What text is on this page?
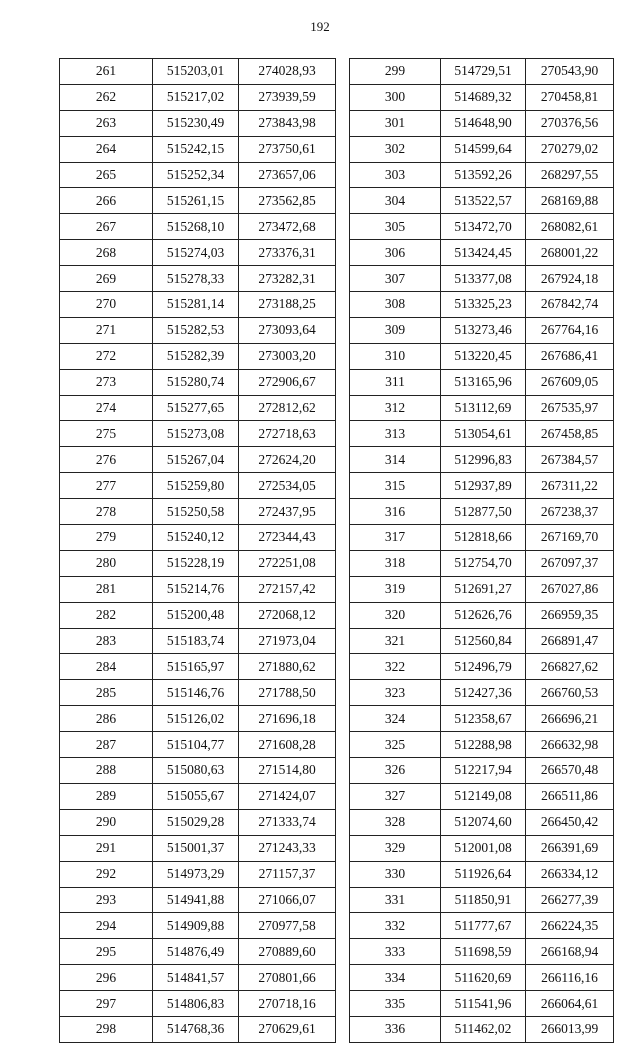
192
261	515203,01	274028,93
262	515217,02	273939,59
263	515230,49	273843,98
264	515242,15	273750,61
265	515252,34	273657,06
266	515261,15	273562,85
267	515268,10	273472,68
268	515274,03	273376,31
269	515278,33	273282,31
270	515281,14	273188,25
271	515282,53	273093,64
272	515282,39	273003,20
273	515280,74	272906,67
274	515277,65	272812,62
275	515273,08	272718,63
276	515267,04	272624,20
277	515259,80	272534,05
278	515250,58	272437,95
279	515240,12	272344,43
280	515228,19	272251,08
281	515214,76	272157,42
282	515200,48	272068,12
283	515183,74	271973,04
284	515165,97	271880,62
285	515146,76	271788,50
286	515126,02	271696,18
287	515104,77	271608,28
288	515080,63	271514,80
289	515055,67	271424,07
290	515029,28	271333,74
291	515001,37	271243,33
292	514973,29	271157,37
293	514941,88	271066,07
294	514909,88	270977,58
295	514876,49	270889,60
296	514841,57	270801,66
297	514806,83	270718,16
298	514768,36	270629,61
299	514729,51	270543,90
300	514689,32	270458,81
301	514648,90	270376,56
302	514599,64	270279,02
303	513592,26	268297,55
304	513522,57	268169,88
305	513472,70	268082,61
306	513424,45	268001,22
307	513377,08	267924,18
308	513325,23	267842,74
309	513273,46	267764,16
310	513220,45	267686,41
311	513165,96	267609,05
312	513112,69	267535,97
313	513054,61	267458,85
314	512996,83	267384,57
315	512937,89	267311,22
316	512877,50	267238,37
317	512818,66	267169,70
318	512754,70	267097,37
319	512691,27	267027,86
320	512626,76	266959,35
321	512560,84	266891,47
322	512496,79	266827,62
323	512427,36	266760,53
324	512358,67	266696,21
325	512288,98	266632,98
326	512217,94	266570,48
327	512149,08	266511,86
328	512074,60	266450,42
329	512001,08	266391,69
330	511926,64	266334,12
331	511850,91	266277,39
332	511777,67	266224,35
333	511698,59	266168,94
334	511620,69	266116,16
335	511541,96	266064,61
336	511462,02	266013,99
